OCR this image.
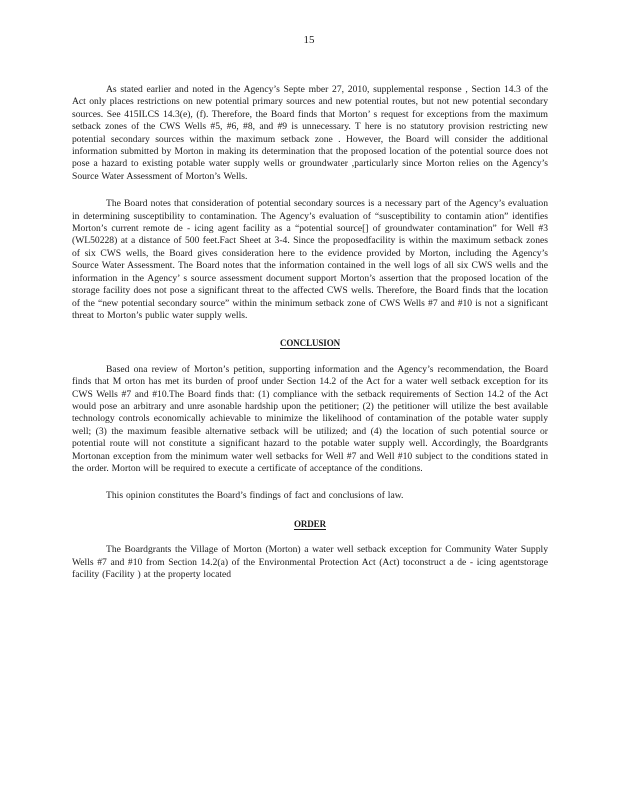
15

As stated earlier and noted in the Agency’s Septe mber 27, 2010, supplemental response , Section 14.3 of the Act only places restrictions on new potential primary sources and new potential routes, but not new potential secondary sources. See 415ILCS 14.3(e), (f). Therefore, the Board finds that Morton’ s request for exceptions from the maximum setback zones of the CWS Wells #5, #6, #8, and #9 is unnecessary. T here is no statutory provision restricting new potential secondary sources within the maximum setback zone . However, the Board will consider the additional information submitted by Morton in making its determination that the proposed location of the potential source does not pose a hazard to existing potable water supply wells or groundwater ,particularly since Morton relies on the Agency’s Source Water Assessment of Morton’s Wells.

The Board notes that consideration of potential secondary sources is a necessary part of the Agency’s evaluation in determining susceptibility to contamination. The Agency’s evaluation of “susceptibility to contamin ation” identifies Morton’s current remote de - icing agent facility as a “potential source[] of groundwater contamination” for Well #3 (WL50228) at a distance of 500 feet.Fact Sheet at 3-4. Since the proposedfacility is within the maximum setback zones of six CWS wells, the Board gives consideration here to the evidence provided by Morton, including the Agency’s Source Water Assessment. The Board notes that the information contained in the well logs of all six CWS wells and the information in the Agency’ s source assessment document support Morton’s assertion that the proposed location of the storage facility does not pose a significant threat to the affected CWS wells. Therefore, the Board finds that the location of the “new potential secondary source” within the minimum setback zone of CWS Wells #7 and #10 is not a significant threat to Morton’s public water supply wells.

CONCLUSION

Based ona review of Morton’s petition, supporting information and the Agency’s recommendation, the Board finds that M orton has met its burden of proof under Section 14.2 of the Act for a water well setback exception for its CWS Wells #7 and #10.The Board finds that: (1) compliance with the setback requirements of Section 14.2 of the Act would pose an arbitrary and unre asonable hardship upon the petitioner; (2) the petitioner will utilize the best available technology controls economically achievable to minimize the likelihood of contamination of the potable water supply well; (3) the maximum feasible alternative setback will be utilized; and (4) the location of such potential source or potential route will not constitute a significant hazard to the potable water supply well. Accordingly, the Boardgrants Mortonan exception from the minimum water well setbacks for Well #7 and Well #10 subject to the conditions stated in the order. Morton will be required to execute a certificate of acceptance of the conditions.

This opinion constitutes the Board’s findings of fact and conclusions of law.

ORDER

The Boardgrants the Village of Morton (Morton) a water well setback exception for Community Water Supply Wells #7 and #10 from Section 14.2(a) of the Environmental Protection Act (Act) toconstruct a de - icing agentstorage facility (Facility ) at the property located
